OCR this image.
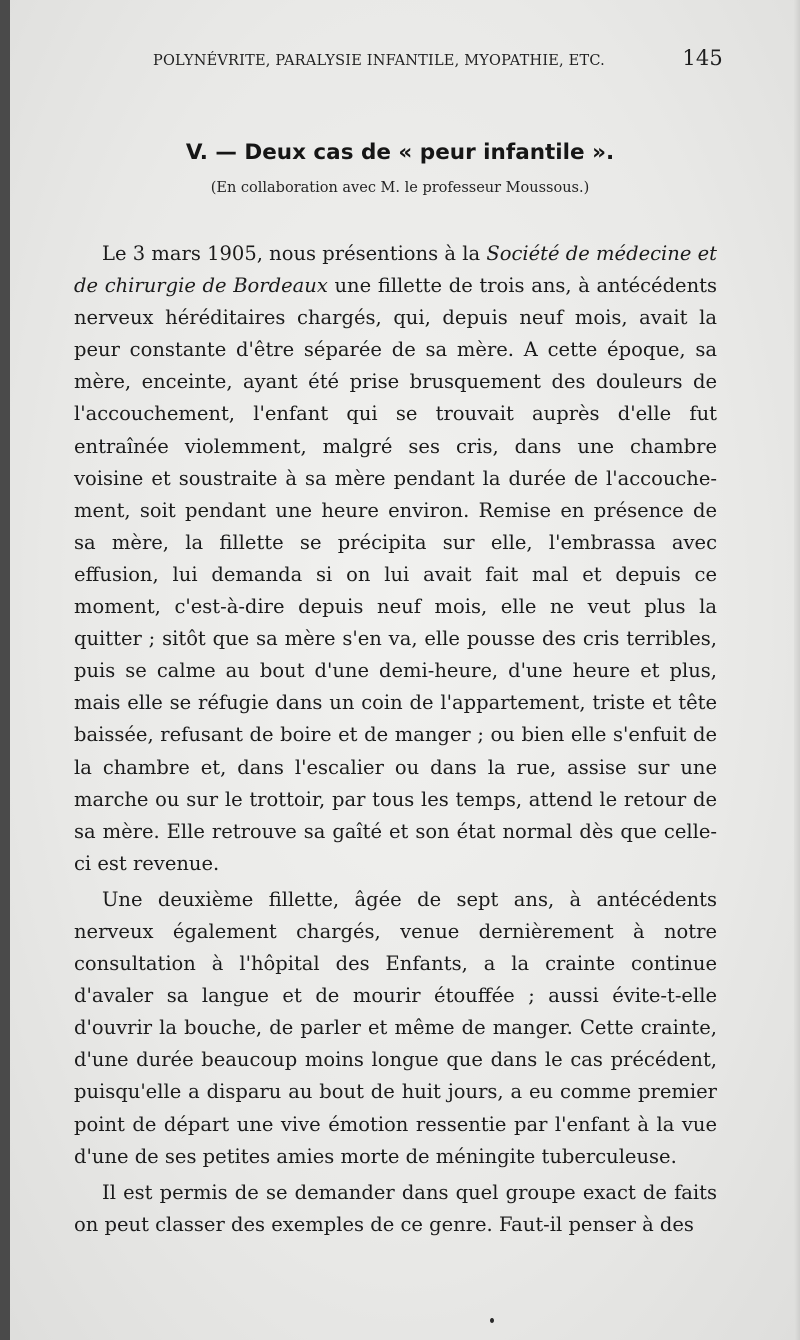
POLYNÉVRITE, PARALYSIE INFANTILE, MYOPATHIE, ETC.	145
V. — Deux cas de « peur infantile ».
(En collaboration avec M. le professeur Moussous.)

Le 3 mars 1905, nous présentions à la Société de médecine et de chirurgie de Bordeaux une fillette de trois ans, à antécédents nerveux héréditaires chargés, qui, depuis neuf mois, avait la peur constante d'être séparée de sa mère. A cette époque, sa mère, enceinte, ayant été prise brusquement des douleurs de l'accouchement, l'enfant qui se trouvait auprès d'elle fut entraînée violemment, malgré ses cris, dans une chambre voisine et soustraite à sa mère pendant la durée de l'accouchement, soit pendant une heure environ. Remise en présence de sa mère, la fillette se précipita sur elle, l'embrassa avec effusion, lui demanda si on lui avait fait mal et depuis ce moment, c'est-à-dire depuis neuf mois, elle ne veut plus la quitter ; sitôt que sa mère s'en va, elle pousse des cris terribles, puis se calme au bout d'une demi-heure, d'une heure et plus, mais elle se réfugie dans un coin de l'appartement, triste et tête baissée, refusant de boire et de manger ; ou bien elle s'enfuit de la chambre et, dans l'escalier ou dans la rue, assise sur une marche ou sur le trottoir, par tous les temps, attend le retour de sa mère. Elle retrouve sa gaîté et son état normal dès que celle-ci est revenue.

Une deuxième fillette, âgée de sept ans, à antécédents nerveux également chargés, venue dernièrement à notre consultation à l'hôpital des Enfants, a la crainte continue d'avaler sa langue et de mourir étouffée ; aussi évite-t-elle d'ouvrir la bouche, de parler et même de manger. Cette crainte, d'une durée beaucoup moins longue que dans le cas précédent, puisqu'elle a disparu au bout de huit jours, a eu comme premier point de départ une vive émotion ressentie par l'enfant à la vue d'une de ses petites amies morte de méningite tuberculeuse.

Il est permis de se demander dans quel groupe exact de faits on peut classer des exemples de ce genre. Faut-il penser à des
